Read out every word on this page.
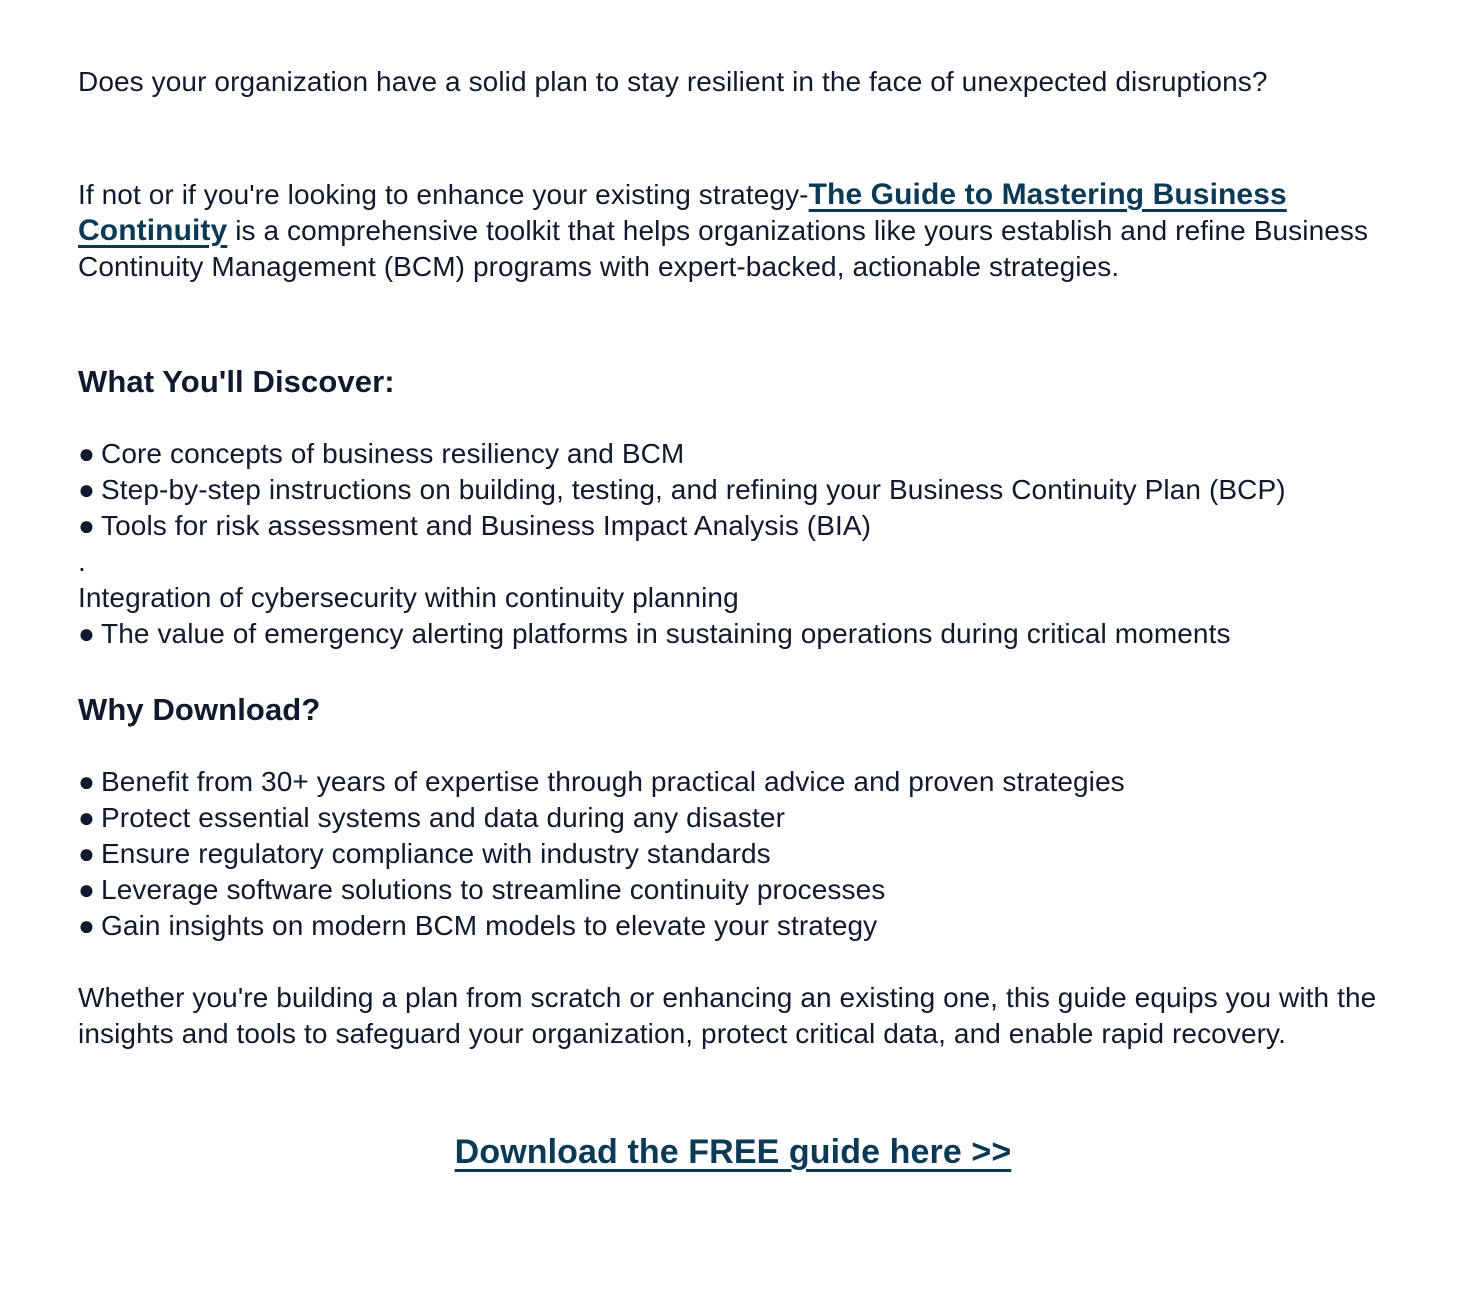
Does your organization have a solid plan to stay resilient in the face of unexpected disruptions?

If not or if you're looking to enhance your existing strategy-The Guide to Mastering Business Continuity is a comprehensive toolkit that helps organizations like yours establish and refine Business Continuity Management (BCM) programs with expert-backed, actionable strategies.

What You'll Discover:
● Core concepts of business resiliency and BCM
● Step-by-step instructions on building, testing, and refining your Business Continuity Plan (BCP)
● Tools for risk assessment and Business Impact Analysis (BIA)
.
Integration of cybersecurity within continuity planning
● The value of emergency alerting platforms in sustaining operations during critical moments
Why Download?
● Benefit from 30+ years of expertise through practical advice and proven strategies
● Protect essential systems and data during any disaster
● Ensure regulatory compliance with industry standards
● Leverage software solutions to streamline continuity processes
● Gain insights on modern BCM models to elevate your strategy

Whether you're building a plan from scratch or enhancing an existing one, this guide equips you with the insights and tools to safeguard your organization, protect critical data, and enable rapid recovery.

Download the FREE guide here >>
